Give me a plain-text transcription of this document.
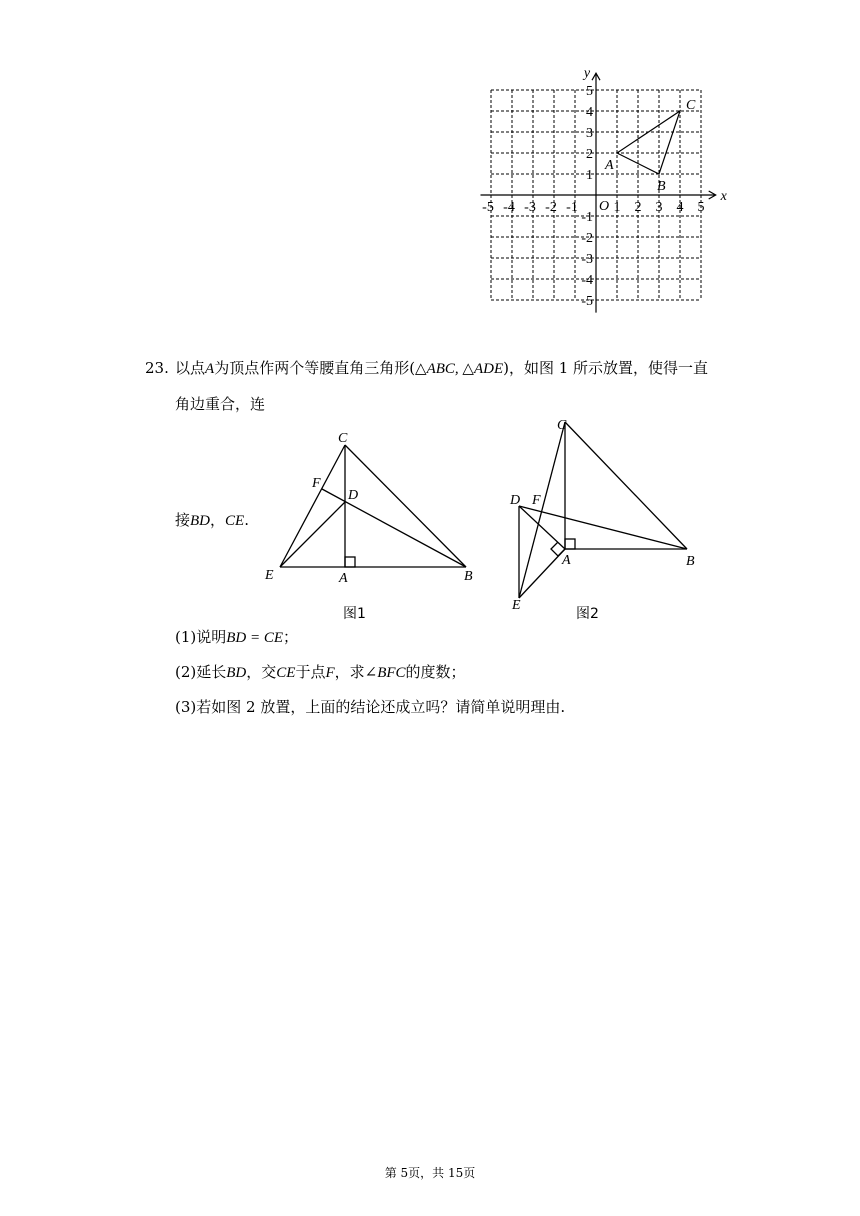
-5 -4 -3 -2 -1	1 2 3 4 5
5
4
3
2
1
-1
-2
-3
-4
-5
O
x
y
A
B
C
23. 以点A为顶点作两个等腰直角三角形(△ABC, △ADE)，如图 1 所示放置，使得一直
角边重合，连
接BD，CE.
C
F
D
E	A	B
图1
C
D F
A	B
E
图2
(1)说明BD = CE；
(2)延长BD，交CE于点F，求∠BFC的度数；
(3)若如图 2 放置，上面的结论还成立吗？请简单说明理由.
第 5页，共 15页
